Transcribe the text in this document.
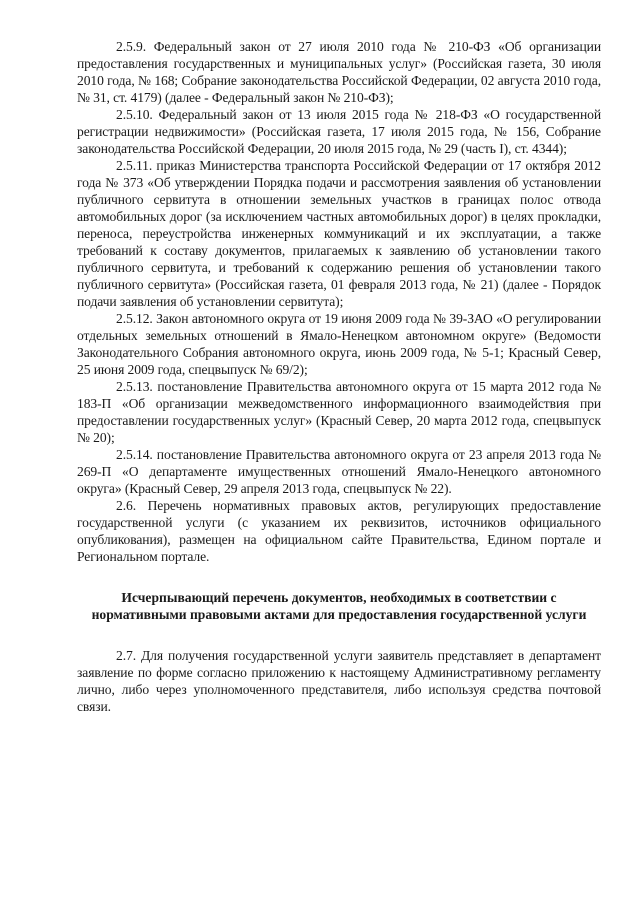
2.5.9. Федеральный закон от 27 июля 2010 года № 210-ФЗ «Об организации предоставления государственных и муниципальных услуг» (Российская газета, 30 июля 2010 года, № 168; Собрание законодательства Российской Федерации, 02 августа 2010 года, № 31, ст. 4179) (далее - Федеральный закон № 210-ФЗ);

2.5.10. Федеральный закон от 13 июля 2015 года № 218-ФЗ «О государственной регистрации недвижимости» (Российская газета, 17 июля 2015 года, № 156, Собрание законодательства Российской Федерации, 20 июля 2015 года, № 29 (часть I), ст. 4344);

2.5.11. приказ Министерства транспорта Российской Федерации от 17 октября 2012 года № 373 «Об утверждении Порядка подачи и рассмотрения заявления об установлении публичного сервитута в отношении земельных участков в границах полос отвода автомобильных дорог (за исключением частных автомобильных дорог) в целях прокладки, переноса, переустройства инженерных коммуникаций и их эксплуатации, а также требований к составу документов, прилагаемых к заявлению об установлении такого публичного сервитута, и требований к содержанию решения об установлении такого публичного сервитута» (Российская газета, 01 февраля 2013 года, № 21) (далее - Порядок подачи заявления об установлении сервитута);

2.5.12. Закон автономного округа от 19 июня 2009 года № 39-ЗАО «О регулировании отдельных земельных отношений в Ямало-Ненецком автономном округе» (Ведомости Законодательного Собрания автономного округа, июнь 2009 года, № 5-1; Красный Север, 25 июня 2009 года, спецвыпуск № 69/2);

2.5.13. постановление Правительства автономного округа от 15 марта 2012 года № 183-П «Об организации межведомственного информационного взаимодействия при предоставлении государственных услуг» (Красный Север, 20 марта 2012 года, спецвыпуск № 20);

2.5.14. постановление Правительства автономного округа от 23 апреля 2013 года № 269-П «О департаменте имущественных отношений Ямало-Ненецкого автономного округа» (Красный Север, 29 апреля 2013 года, спецвыпуск № 22).

2.6. Перечень нормативных правовых актов, регулирующих предоставление государственной услуги (с указанием их реквизитов, источников официального опубликования), размещен на официальном сайте Правительства, Едином портале и Региональном портале.

Исчерпывающий перечень документов, необходимых в соответствии с нормативными правовыми актами для предоставления государственной услуги

2.7. Для получения государственной услуги заявитель представляет в департамент заявление по форме согласно приложению к настоящему Административному регламенту лично, либо через уполномоченного представителя, либо используя средства почтовой связи.
